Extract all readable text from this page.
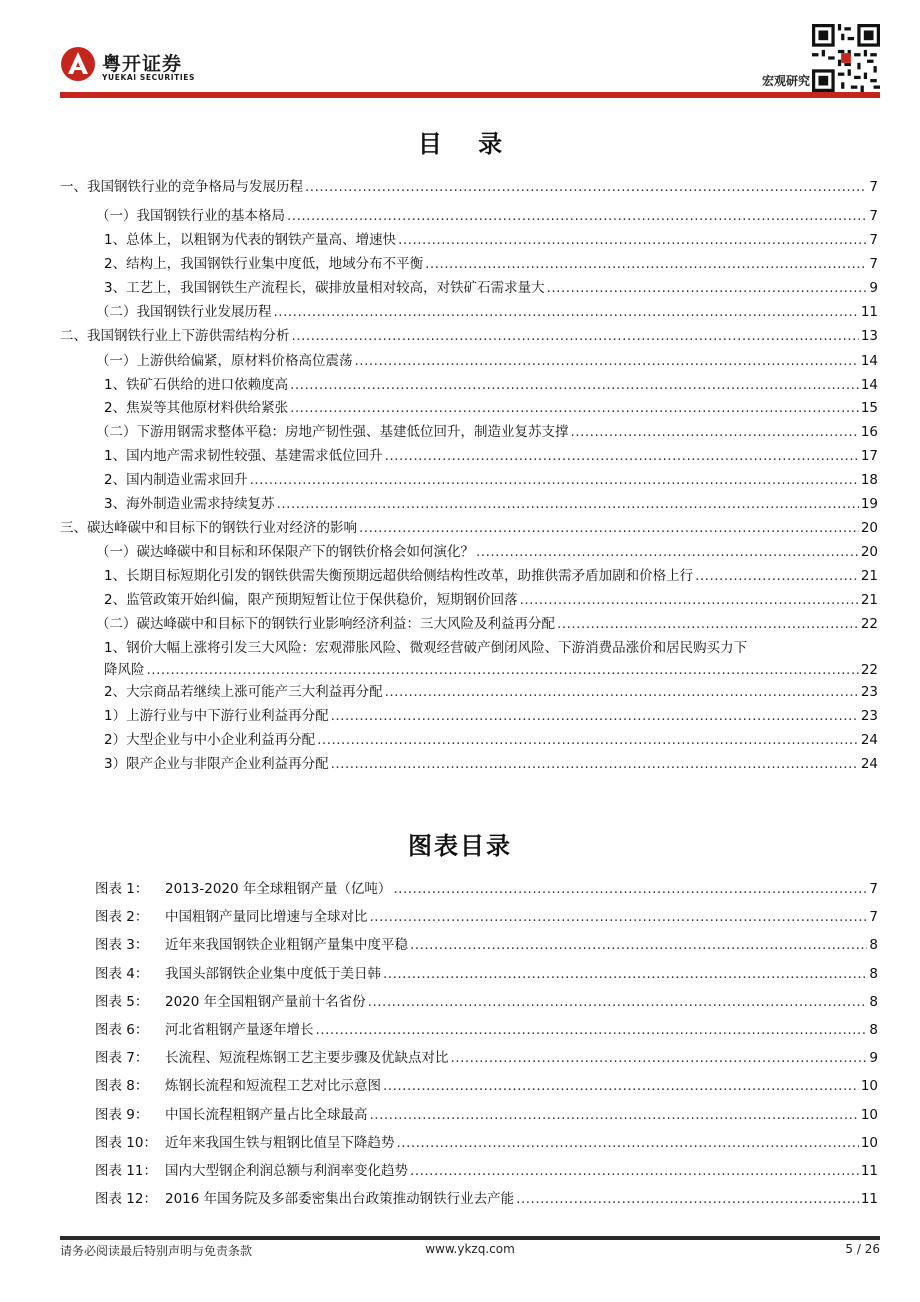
粤开证券
YUEKAI SECURITIES	宏观研究
目 录
一、我国钢铁行业的竞争格局与发展历程 .....	7
（一）我国钢铁行业的基本格局 .....	7
1、总体上，以粗钢为代表的钢铁产量高、增速快 .....	7
2、结构上，我国钢铁行业集中度低，地域分布不平衡 .....	7
3、工艺上，我国钢铁生产流程长，碳排放量相对较高，对铁矿石需求量大 .....	9
（二）我国钢铁行业发展历程 .....	11
二、我国钢铁行业上下游供需结构分析 .....	13
（一）上游供给偏紧，原材料价格高位震荡 .....	14
1、铁矿石供给的进口依赖度高 .....	14
2、焦炭等其他原材料供给紧张 .....	15
（二）下游用钢需求整体平稳：房地产韧性强、基建低位回升，制造业复苏支撑 .....	16
1、国内地产需求韧性较强、基建需求低位回升 .....	17
2、国内制造业需求回升 .....	18
3、海外制造业需求持续复苏 .....	19
三、碳达峰碳中和目标下的钢铁行业对经济的影响 .....	20
（一）碳达峰碳中和目标和环保限产下的钢铁价格会如何演化？ .....	20
1、长期目标短期化引发的钢铁供需失衡预期远超供给侧结构性改革，助推供需矛盾加剧和价格上行 .....	21
2、监管政策开始纠偏，限产预期短暂让位于保供稳价，短期钢价回落 .....	21
（二）碳达峰碳中和目标下的钢铁行业影响经济利益：三大风险及利益再分配 .....	22
1、钢价大幅上涨将引发三大风险：宏观滞胀风险、微观经营破产倒闭风险、下游消费品涨价和居民购买力下
降风险 .....	22
2、大宗商品若继续上涨可能产三大利益再分配 .....	23
1）上游行业与中下游行业利益再分配 .....	23
2）大型企业与中小企业利益再分配 .....	24
3）限产企业与非限产企业利益再分配 .....	24
图表目录
图表 1：	2013-2020 年全球粗钢产量（亿吨） .....	7
图表 2：	中国粗钢产量同比增速与全球对比 .....	7
图表 3：	近年来我国钢铁企业粗钢产量集中度平稳 .....	8
图表 4：	我国头部钢铁企业集中度低于美日韩 .....	8
图表 5：	2020 年全国粗钢产量前十名省份 .....	8
图表 6：	河北省粗钢产量逐年增长 .....	8
图表 7：	长流程、短流程炼钢工艺主要步骤及优缺点对比 .....	9
图表 8：	炼钢长流程和短流程工艺对比示意图 .....	10
图表 9：	中国长流程粗钢产量占比全球最高 .....	10
图表 10： 近年来我国生铁与粗钢比值呈下降趋势 .....	10
图表 11： 国内大型钢企利润总额与利润率变化趋势 .....	11
图表 12： 2016 年国务院及多部委密集出台政策推动钢铁行业去产能 .....	11
请务必阅读最后特别声明与免责条款	www.ykzq.com	5 / 26
